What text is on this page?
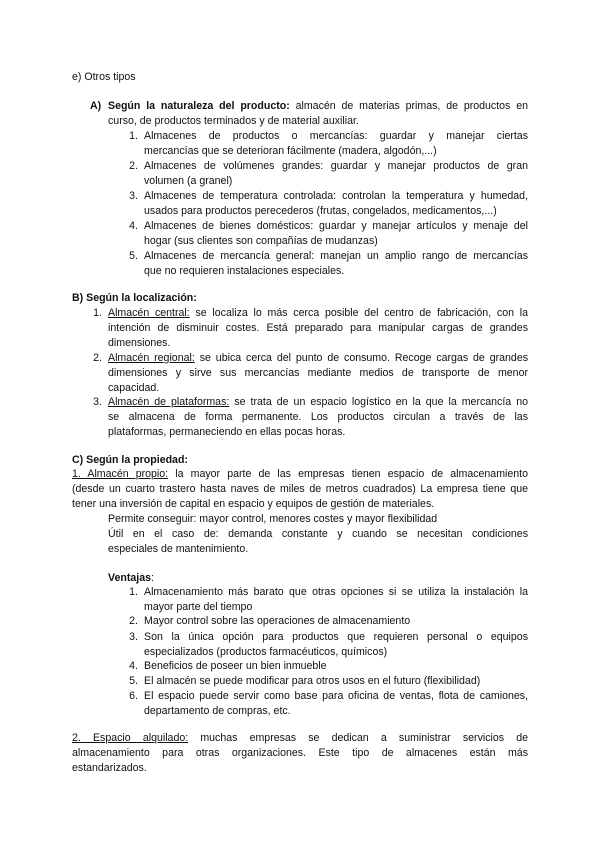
e) Otros tipos
A) Según la naturaleza del producto: almacén de materias primas, de productos en
curso, de productos terminados y de material auxiliar.
1. Almacenes de productos o mercancías: guardar y manejar ciertas
mercancías que se deterioran fácilmente (madera, algodón,...)
2. Almacenes de volúmenes grandes: guardar y manejar productos de gran
volumen (a granel)
3. Almacenes de temperatura controlada: controlan la temperatura y humedad,
usados para productos perecederos (frutas, congelados, medicamentos,...)
4. Almacenes de bienes domésticos: guardar y manejar artículos y menaje del
hogar (sus clientes son compañías de mudanzas)
5. Almacenes de mercancía general: manejan un amplio rango de mercancías
que no requieren instalaciones especiales.
B) Según la localización:
1. Almacén central: se localiza lo más cerca posible del centro de fabricación, con la
intención de disminuir costes. Está preparado para manipular cargas de grandes
dimensiones.
2. Almacén regional: se ubica cerca del punto de consumo. Recoge cargas de grandes
dimensiones y sirve sus mercancías mediante medios de transporte de menor
capacidad.
3. Almacén de plataformas: se trata de un espacio logístico en la que la mercancía no
se almacena de forma permanente. Los productos circulan a través de las
plataformas, permaneciendo en ellas pocas horas.
C) Según la propiedad:
1. Almacén propio: la mayor parte de las empresas tienen espacio de almacenamiento
(desde un cuarto trastero hasta naves de miles de metros cuadrados) La empresa tiene que
tener una inversión de capital en espacio y equipos de gestión de materiales.
Permite conseguir: mayor control, menores costes y mayor flexibilidad
Útil en el caso de: demanda constante y cuando se necesitan condiciones
especiales de mantenimiento.
Ventajas:
1. Almacenamiento más barato que otras opciones si se utiliza la instalación la
mayor parte del tiempo
2. Mayor control sobre las operaciones de almacenamiento
3. Son la única opción para productos que requieren personal o equipos
especializados (productos farmacéuticos, químicos)
4. Beneficios de poseer un bien inmueble
5. El almacén se puede modificar para otros usos en el futuro (flexibilidad)
6. El espacio puede servir como base para oficina de ventas, flota de camiones,
departamento de compras, etc.
2. Espacio alquilado: muchas empresas se dedican a suministrar servicios de
almacenamiento para otras organizaciones. Este tipo de almacenes están más
estandarizados.
